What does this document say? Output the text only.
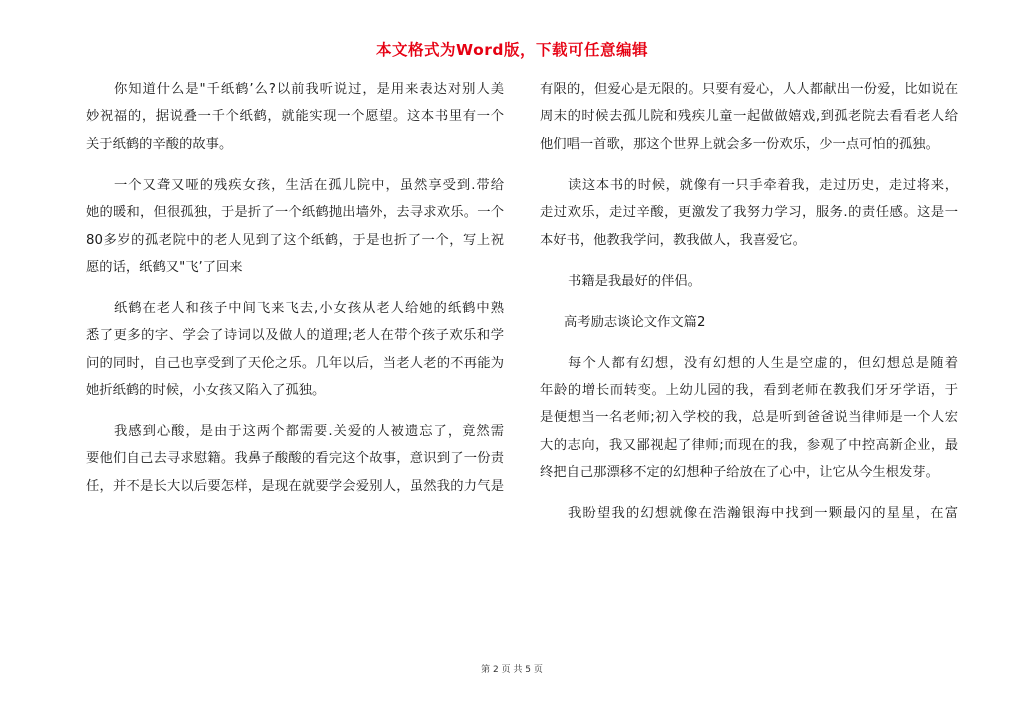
本文格式为Word版，下载可任意编辑
你知道什么是"千纸鹤’么?以前我听说过，是用来表达对别人美
妙祝福的，据说叠一千个纸鹤，就能实现一个愿望。这本书里有一个
关于纸鹤的辛酸的故事。
一个又聋又哑的残疾女孩，生活在孤儿院中，虽然享受到.带给
她的暖和，但很孤独，于是折了一个纸鹤抛出墙外，去寻求欢乐。一个
80多岁的孤老院中的老人见到了这个纸鹤，于是也折了一个，写上祝
愿的话，纸鹤又"飞’了回来
纸鹤在老人和孩子中间飞来飞去,小女孩从老人给她的纸鹤中熟
悉了更多的字、学会了诗词以及做人的道理;老人在带个孩子欢乐和学
问的同时，自己也享受到了天伦之乐。几年以后，当老人老的不再能为
她折纸鹤的时候，小女孩又陷入了孤独。
我感到心酸，是由于这两个都需要.关爱的人被遗忘了，竟然需
要他们自己去寻求慰籍。我鼻子酸酸的看完这个故事，意识到了一份责
任，并不是长大以后要怎样，是现在就要学会爱别人，虽然我的力气是
有限的，但爱心是无限的。只要有爱心，人人都献出一份爱，比如说在
周末的时候去孤儿院和残疾儿童一起做做嬉戏,到孤老院去看看老人给
他们唱一首歌，那这个世界上就会多一份欢乐，少一点可怕的孤独。
读这本书的时候，就像有一只手牵着我，走过历史，走过将来，
走过欢乐，走过辛酸，更激发了我努力学习，服务.的责任感。这是一
本好书，他教我学问，教我做人，我喜爱它。
书籍是我最好的伴侣。
高考励志谈论文作文篇2
每个人都有幻想，没有幻想的人生是空虚的，但幻想总是随着
年龄的增长而转变。上幼儿园的我，看到老师在教我们牙牙学语，于
是便想当一名老师;初入学校的我，总是听到爸爸说当律师是一个人宏
大的志向，我又鄙视起了律师;而现在的我，参观了中控高新企业，最
终把自己那漂移不定的幻想种子给放在了心中，让它从今生根发芽。
我盼望我的幻想就像在浩瀚银海中找到一颗最闪的星星，在富
第 2 页 共 5 页
